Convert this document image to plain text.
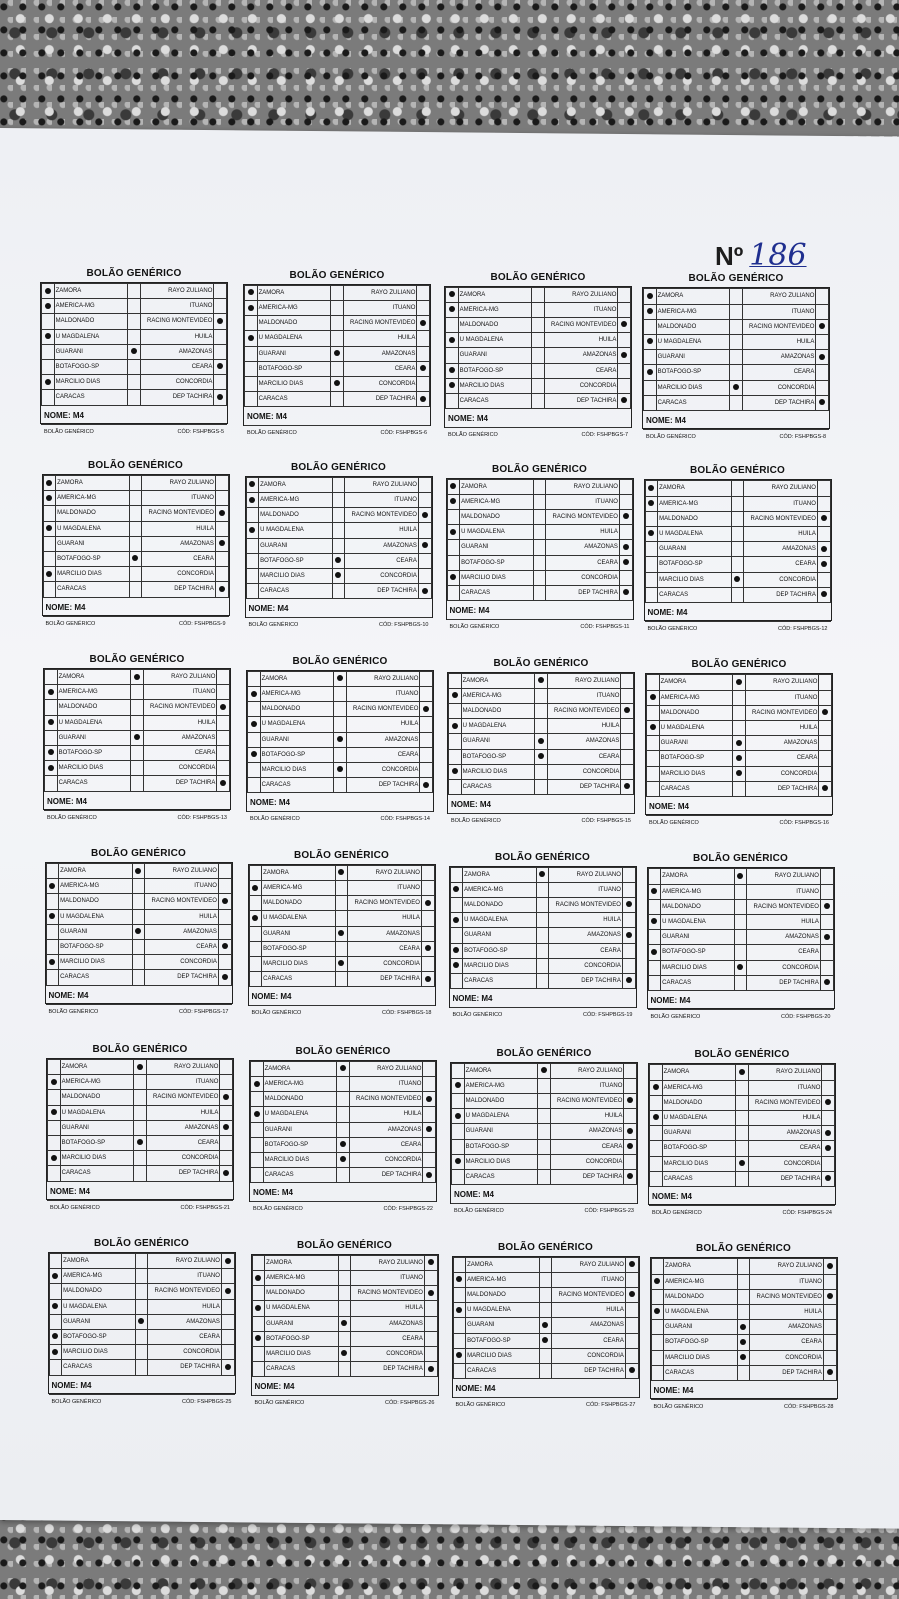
Nº 186
BOLÃO GENÉRICO
	ZAMORA		RAYO ZULIANO	
	AMERICA-MG		ITUANO	
	MALDONADO		RACING MONTEVIDEO	
	U MAGDALENA		HUILA	
	GUARANI		AMAZONAS	
	BOTAFOGO-SP		CEARA	
	MARCILIO DIAS		CONCORDIA	
	CARACAS		DEP TACHIRA	
NOME: M4
BOLÃO GENÉRICO	CÓD: FSHPBGS-5
BOLÃO GENÉRICO
	ZAMORA		RAYO ZULIANO	
	AMERICA-MG		ITUANO	
	MALDONADO		RACING MONTEVIDEO	
	U MAGDALENA		HUILA	
	GUARANI		AMAZONAS	
	BOTAFOGO-SP		CEARA	
	MARCILIO DIAS		CONCORDIA	
	CARACAS		DEP TACHIRA	
NOME: M4
BOLÃO GENÉRICO	CÓD: FSHPBGS-6
BOLÃO GENÉRICO
	ZAMORA		RAYO ZULIANO	
	AMERICA-MG		ITUANO	
	MALDONADO		RACING MONTEVIDEO	
	U MAGDALENA		HUILA	
	GUARANI		AMAZONAS	
	BOTAFOGO-SP		CEARA	
	MARCILIO DIAS		CONCORDIA	
	CARACAS		DEP TACHIRA	
NOME: M4
BOLÃO GENÉRICO	CÓD: FSHPBGS-7
BOLÃO GENÉRICO
	ZAMORA		RAYO ZULIANO	
	AMERICA-MG		ITUANO	
	MALDONADO		RACING MONTEVIDEO	
	U MAGDALENA		HUILA	
	GUARANI		AMAZONAS	
	BOTAFOGO-SP		CEARA	
	MARCILIO DIAS		CONCORDIA	
	CARACAS		DEP TACHIRA	
NOME: M4
BOLÃO GENÉRICO	CÓD: FSHPBGS-8
BOLÃO GENÉRICO
	ZAMORA		RAYO ZULIANO	
	AMERICA-MG		ITUANO	
	MALDONADO		RACING MONTEVIDEO	
	U MAGDALENA		HUILA	
	GUARANI		AMAZONAS	
	BOTAFOGO-SP		CEARA	
	MARCILIO DIAS		CONCORDIA	
	CARACAS		DEP TACHIRA	
NOME: M4
BOLÃO GENÉRICO	CÓD: FSHPBGS-9
BOLÃO GENÉRICO
	ZAMORA		RAYO ZULIANO	
	AMERICA-MG		ITUANO	
	MALDONADO		RACING MONTEVIDEO	
	U MAGDALENA		HUILA	
	GUARANI		AMAZONAS	
	BOTAFOGO-SP		CEARA	
	MARCILIO DIAS		CONCORDIA	
	CARACAS		DEP TACHIRA	
NOME: M4
BOLÃO GENÉRICO	CÓD: FSHPBGS-10
BOLÃO GENÉRICO
	ZAMORA		RAYO ZULIANO	
	AMERICA-MG		ITUANO	
	MALDONADO		RACING MONTEVIDEO	
	U MAGDALENA		HUILA	
	GUARANI		AMAZONAS	
	BOTAFOGO-SP		CEARA	
	MARCILIO DIAS		CONCORDIA	
	CARACAS		DEP TACHIRA	
NOME: M4
BOLÃO GENÉRICO	CÓD: FSHPBGS-11
BOLÃO GENÉRICO
	ZAMORA		RAYO ZULIANO	
	AMERICA-MG		ITUANO	
	MALDONADO		RACING MONTEVIDEO	
	U MAGDALENA		HUILA	
	GUARANI		AMAZONAS	
	BOTAFOGO-SP		CEARA	
	MARCILIO DIAS		CONCORDIA	
	CARACAS		DEP TACHIRA	
NOME: M4
BOLÃO GENÉRICO	CÓD: FSHPBGS-12
BOLÃO GENÉRICO
	ZAMORA		RAYO ZULIANO	
	AMERICA-MG		ITUANO	
	MALDONADO		RACING MONTEVIDEO	
	U MAGDALENA		HUILA	
	GUARANI		AMAZONAS	
	BOTAFOGO-SP		CEARA	
	MARCILIO DIAS		CONCORDIA	
	CARACAS		DEP TACHIRA	
NOME: M4
BOLÃO GENÉRICO	CÓD: FSHPBGS-13
BOLÃO GENÉRICO
	ZAMORA		RAYO ZULIANO	
	AMERICA-MG		ITUANO	
	MALDONADO		RACING MONTEVIDEO	
	U MAGDALENA		HUILA	
	GUARANI		AMAZONAS	
	BOTAFOGO-SP		CEARA	
	MARCILIO DIAS		CONCORDIA	
	CARACAS		DEP TACHIRA	
NOME: M4
BOLÃO GENÉRICO	CÓD: FSHPBGS-14
BOLÃO GENÉRICO
	ZAMORA		RAYO ZULIANO	
	AMERICA-MG		ITUANO	
	MALDONADO		RACING MONTEVIDEO	
	U MAGDALENA		HUILA	
	GUARANI		AMAZONAS	
	BOTAFOGO-SP		CEARA	
	MARCILIO DIAS		CONCORDIA	
	CARACAS		DEP TACHIRA	
NOME: M4
BOLÃO GENÉRICO	CÓD: FSHPBGS-15
BOLÃO GENÉRICO
	ZAMORA		RAYO ZULIANO	
	AMERICA-MG		ITUANO	
	MALDONADO		RACING MONTEVIDEO	
	U MAGDALENA		HUILA	
	GUARANI		AMAZONAS	
	BOTAFOGO-SP		CEARA	
	MARCILIO DIAS		CONCORDIA	
	CARACAS		DEP TACHIRA	
NOME: M4
BOLÃO GENÉRICO	CÓD: FSHPBGS-16
BOLÃO GENÉRICO
	ZAMORA		RAYO ZULIANO	
	AMERICA-MG		ITUANO	
	MALDONADO		RACING MONTEVIDEO	
	U MAGDALENA		HUILA	
	GUARANI		AMAZONAS	
	BOTAFOGO-SP		CEARA	
	MARCILIO DIAS		CONCORDIA	
	CARACAS		DEP TACHIRA	
NOME: M4
BOLÃO GENÉRICO	CÓD: FSHPBGS-17
BOLÃO GENÉRICO
	ZAMORA		RAYO ZULIANO	
	AMERICA-MG		ITUANO	
	MALDONADO		RACING MONTEVIDEO	
	U MAGDALENA		HUILA	
	GUARANI		AMAZONAS	
	BOTAFOGO-SP		CEARA	
	MARCILIO DIAS		CONCORDIA	
	CARACAS		DEP TACHIRA	
NOME: M4
BOLÃO GENÉRICO	CÓD: FSHPBGS-18
BOLÃO GENÉRICO
	ZAMORA		RAYO ZULIANO	
	AMERICA-MG		ITUANO	
	MALDONADO		RACING MONTEVIDEO	
	U MAGDALENA		HUILA	
	GUARANI		AMAZONAS	
	BOTAFOGO-SP		CEARA	
	MARCILIO DIAS		CONCORDIA	
	CARACAS		DEP TACHIRA	
NOME: M4
BOLÃO GENÉRICO	CÓD: FSHPBGS-19
BOLÃO GENÉRICO
	ZAMORA		RAYO ZULIANO	
	AMERICA-MG		ITUANO	
	MALDONADO		RACING MONTEVIDEO	
	U MAGDALENA		HUILA	
	GUARANI		AMAZONAS	
	BOTAFOGO-SP		CEARA	
	MARCILIO DIAS		CONCORDIA	
	CARACAS		DEP TACHIRA	
NOME: M4
BOLÃO GENÉRICO	CÓD: FSHPBGS-20
BOLÃO GENÉRICO
	ZAMORA		RAYO ZULIANO	
	AMERICA-MG		ITUANO	
	MALDONADO		RACING MONTEVIDEO	
	U MAGDALENA		HUILA	
	GUARANI		AMAZONAS	
	BOTAFOGO-SP		CEARA	
	MARCILIO DIAS		CONCORDIA	
	CARACAS		DEP TACHIRA	
NOME: M4
BOLÃO GENÉRICO	CÓD: FSHPBGS-21
BOLÃO GENÉRICO
	ZAMORA		RAYO ZULIANO	
	AMERICA-MG		ITUANO	
	MALDONADO		RACING MONTEVIDEO	
	U MAGDALENA		HUILA	
	GUARANI		AMAZONAS	
	BOTAFOGO-SP		CEARA	
	MARCILIO DIAS		CONCORDIA	
	CARACAS		DEP TACHIRA	
NOME: M4
BOLÃO GENÉRICO	CÓD: FSHPBGS-22
BOLÃO GENÉRICO
	ZAMORA		RAYO ZULIANO	
	AMERICA-MG		ITUANO	
	MALDONADO		RACING MONTEVIDEO	
	U MAGDALENA		HUILA	
	GUARANI		AMAZONAS	
	BOTAFOGO-SP		CEARA	
	MARCILIO DIAS		CONCORDIA	
	CARACAS		DEP TACHIRA	
NOME: M4
BOLÃO GENÉRICO	CÓD: FSHPBGS-23
BOLÃO GENÉRICO
	ZAMORA		RAYO ZULIANO	
	AMERICA-MG		ITUANO	
	MALDONADO		RACING MONTEVIDEO	
	U MAGDALENA		HUILA	
	GUARANI		AMAZONAS	
	BOTAFOGO-SP		CEARA	
	MARCILIO DIAS		CONCORDIA	
	CARACAS		DEP TACHIRA	
NOME: M4
BOLÃO GENÉRICO	CÓD: FSHPBGS-24
BOLÃO GENÉRICO
	ZAMORA		RAYO ZULIANO	
	AMERICA-MG		ITUANO	
	MALDONADO		RACING MONTEVIDEO	
	U MAGDALENA		HUILA	
	GUARANI		AMAZONAS	
	BOTAFOGO-SP		CEARA	
	MARCILIO DIAS		CONCORDIA	
	CARACAS		DEP TACHIRA	
NOME: M4
BOLÃO GENÉRICO	CÓD: FSHPBGS-25
BOLÃO GENÉRICO
	ZAMORA		RAYO ZULIANO	
	AMERICA-MG		ITUANO	
	MALDONADO		RACING MONTEVIDEO	
	U MAGDALENA		HUILA	
	GUARANI		AMAZONAS	
	BOTAFOGO-SP		CEARA	
	MARCILIO DIAS		CONCORDIA	
	CARACAS		DEP TACHIRA	
NOME: M4
BOLÃO GENÉRICO	CÓD: FSHPBGS-26
BOLÃO GENÉRICO
	ZAMORA		RAYO ZULIANO	
	AMERICA-MG		ITUANO	
	MALDONADO		RACING MONTEVIDEO	
	U MAGDALENA		HUILA	
	GUARANI		AMAZONAS	
	BOTAFOGO-SP		CEARA	
	MARCILIO DIAS		CONCORDIA	
	CARACAS		DEP TACHIRA	
NOME: M4
BOLÃO GENÉRICO	CÓD: FSHPBGS-27
BOLÃO GENÉRICO
	ZAMORA		RAYO ZULIANO	
	AMERICA-MG		ITUANO	
	MALDONADO		RACING MONTEVIDEO	
	U MAGDALENA		HUILA	
	GUARANI		AMAZONAS	
	BOTAFOGO-SP		CEARA	
	MARCILIO DIAS		CONCORDIA	
	CARACAS		DEP TACHIRA	
NOME: M4
BOLÃO GENÉRICO	CÓD: FSHPBGS-28
